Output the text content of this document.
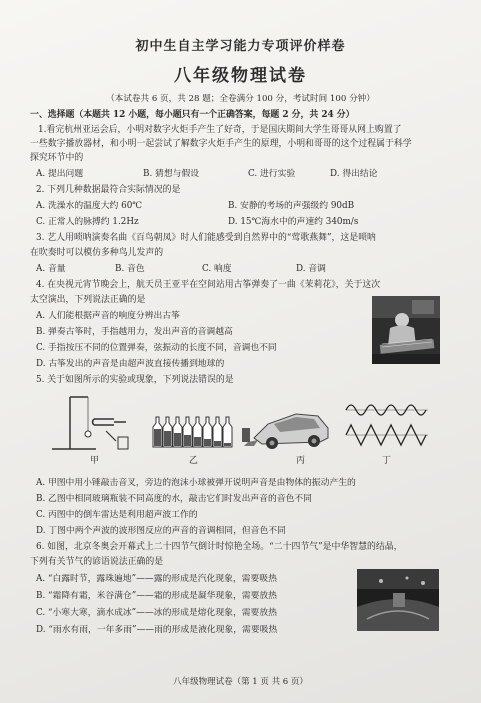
初中生自主学习能力专项评价样卷
八年级物理试卷
（本试卷共 6 页，共 28 题；全卷满分 100 分，考试时间 100 分钟）
一、选择题（本题共 12 小题，每小题只有一个正确答案，每题 2 分，共 24 分）
1.看完杭州亚运会后，小明对数字火炬手产生了好奇，于是国庆期间大学生哥哥从网上购置了
一些数字播放器材，和小明一起尝试了解数字火炬手产生的原理，小明和哥哥的这个过程属于科学
探究环节中的
A. 提出问题	B. 猜想与假设	C. 进行实验	D. 得出结论
2. 下列几种数据最符合实际情况的是
A. 洗澡水的温度大约 60℃	B. 安静的考场的声强级约 90dB
C. 正常人的脉搏约 1.2Hz	D. 15℃海水中的声速约 340m/s
3. 艺人用唢呐演奏名曲《百鸟朝凤》时人们能感受到自然界中的“莺歌燕舞”，这是唢呐
在吹奏时可以模仿多种鸟儿发声的
A. 音量	B. 音色	C. 响度	D. 音调
4. 在央视元宵节晚会上，航天员王亚平在空间站用古筝弹奏了一曲《茉莉花》，关于这次
太空演出，下列说法正确的是
A. 人们能根据声音的响度分辨出古筝
B. 弹奏古筝时，手指越用力，发出声音的音调越高
C. 手指按压不同的位置弹奏，弦振动的长度不同，音调也不同
D. 古筝发出的声音是由超声波直接传播到地球的
5. 关于如图所示的实验或现象，下列说法错误的是
甲	乙	丙	丁
A. 甲图中用小锤敲击音叉，旁边的泡沫小球被弹开说明声音是由物体的振动产生的
B. 乙图中相同玻璃瓶装不同高度的水，敲击它们时发出声音的音色不同
C. 丙图中的倒车雷达是利用超声波工作的
D. 丁图中两个声波的波形图反应的声音的音调相同，但音色不同
6. 如图，北京冬奥会开幕式上二十四节气倒计时惊艳全场。“二十四节气”是中华智慧的结晶，
下列有关节气的谚语说法正确的是
A. “白露时节，露珠遍地”——露的形成是汽化现象，需要吸热
B. “霜降有霜，米谷满仓”——霜的形成是凝华现象，需要放热
C. “小寒大寒，滴水成冰”——冰的形成是熔化现象，需要放热
D. “雨水有雨，一年多雨”——雨的形成是液化现象，需要吸热
八年级物理试卷（第 1 页 共 6 页）
